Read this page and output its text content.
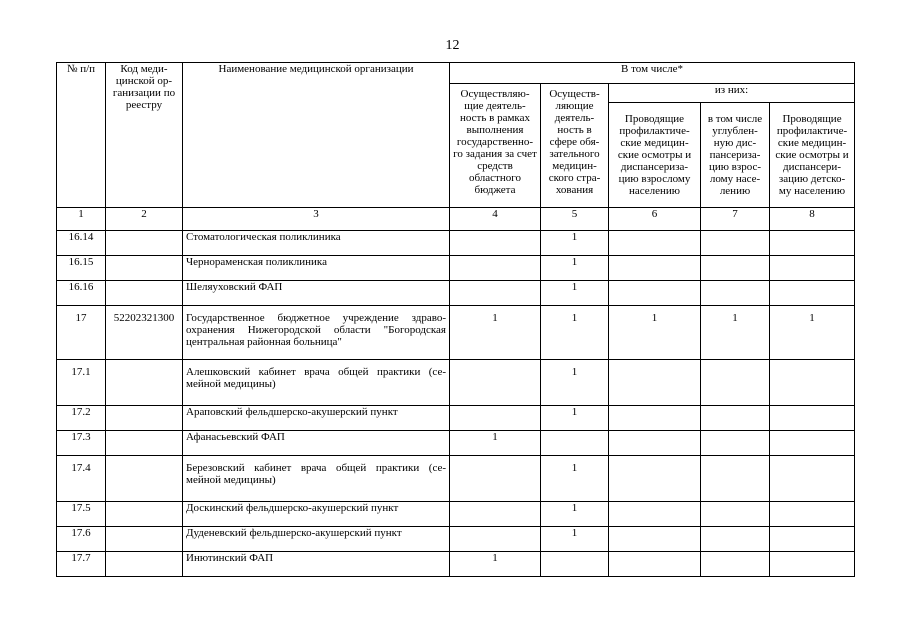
12
№ п/п	Код меди-цинской ор-ганизации по реестру	Наименование медицинской организации	В том числе*				
			Осуществляю-щие деятель-ность в рамках выполнения государственно-го задания за счет средств областного бюджета	Осуществ-ляющие деятель-ность в сфере обя-зательного медицин-ского стра-хования	из них:		
					Проводящие профилактиче-ские медицин-ские осмотры и диспансериза-цию взрослому населению	в том числе углублен-ную дис-пансериза-цию взрос-лому насе-лению	Проводящие профилактиче-ские медицин-ские осмотры и диспансери-зацию детско-му населению
1	2	3	4	5	6	7	8
16.14		Стоматологическая поликлиника		1			
16.15		Чернораменская поликлиника		1			
16.16		Шеляуховский ФАП		1			
17	52202321300	Государственное бюджетное учреждение здраво-охранения Нижегородской области "Богородская центральная районная больница"	1	1	1	1	1
17.1		Алешковский кабинет врача общей практики (се-мейной медицины)		1			
17.2		Араповский фельдшерско-акушерский пункт		1			
17.3		Афанасьевский ФАП	1				
17.4		Березовский кабинет врача общей практики (се-мейной медицины)		1			
17.5		Доскинский фельдшерско-акушерский пункт		1			
17.6		Дуденевский фельдшерско-акушерский пункт		1			
17.7		Инютинский ФАП	1				
